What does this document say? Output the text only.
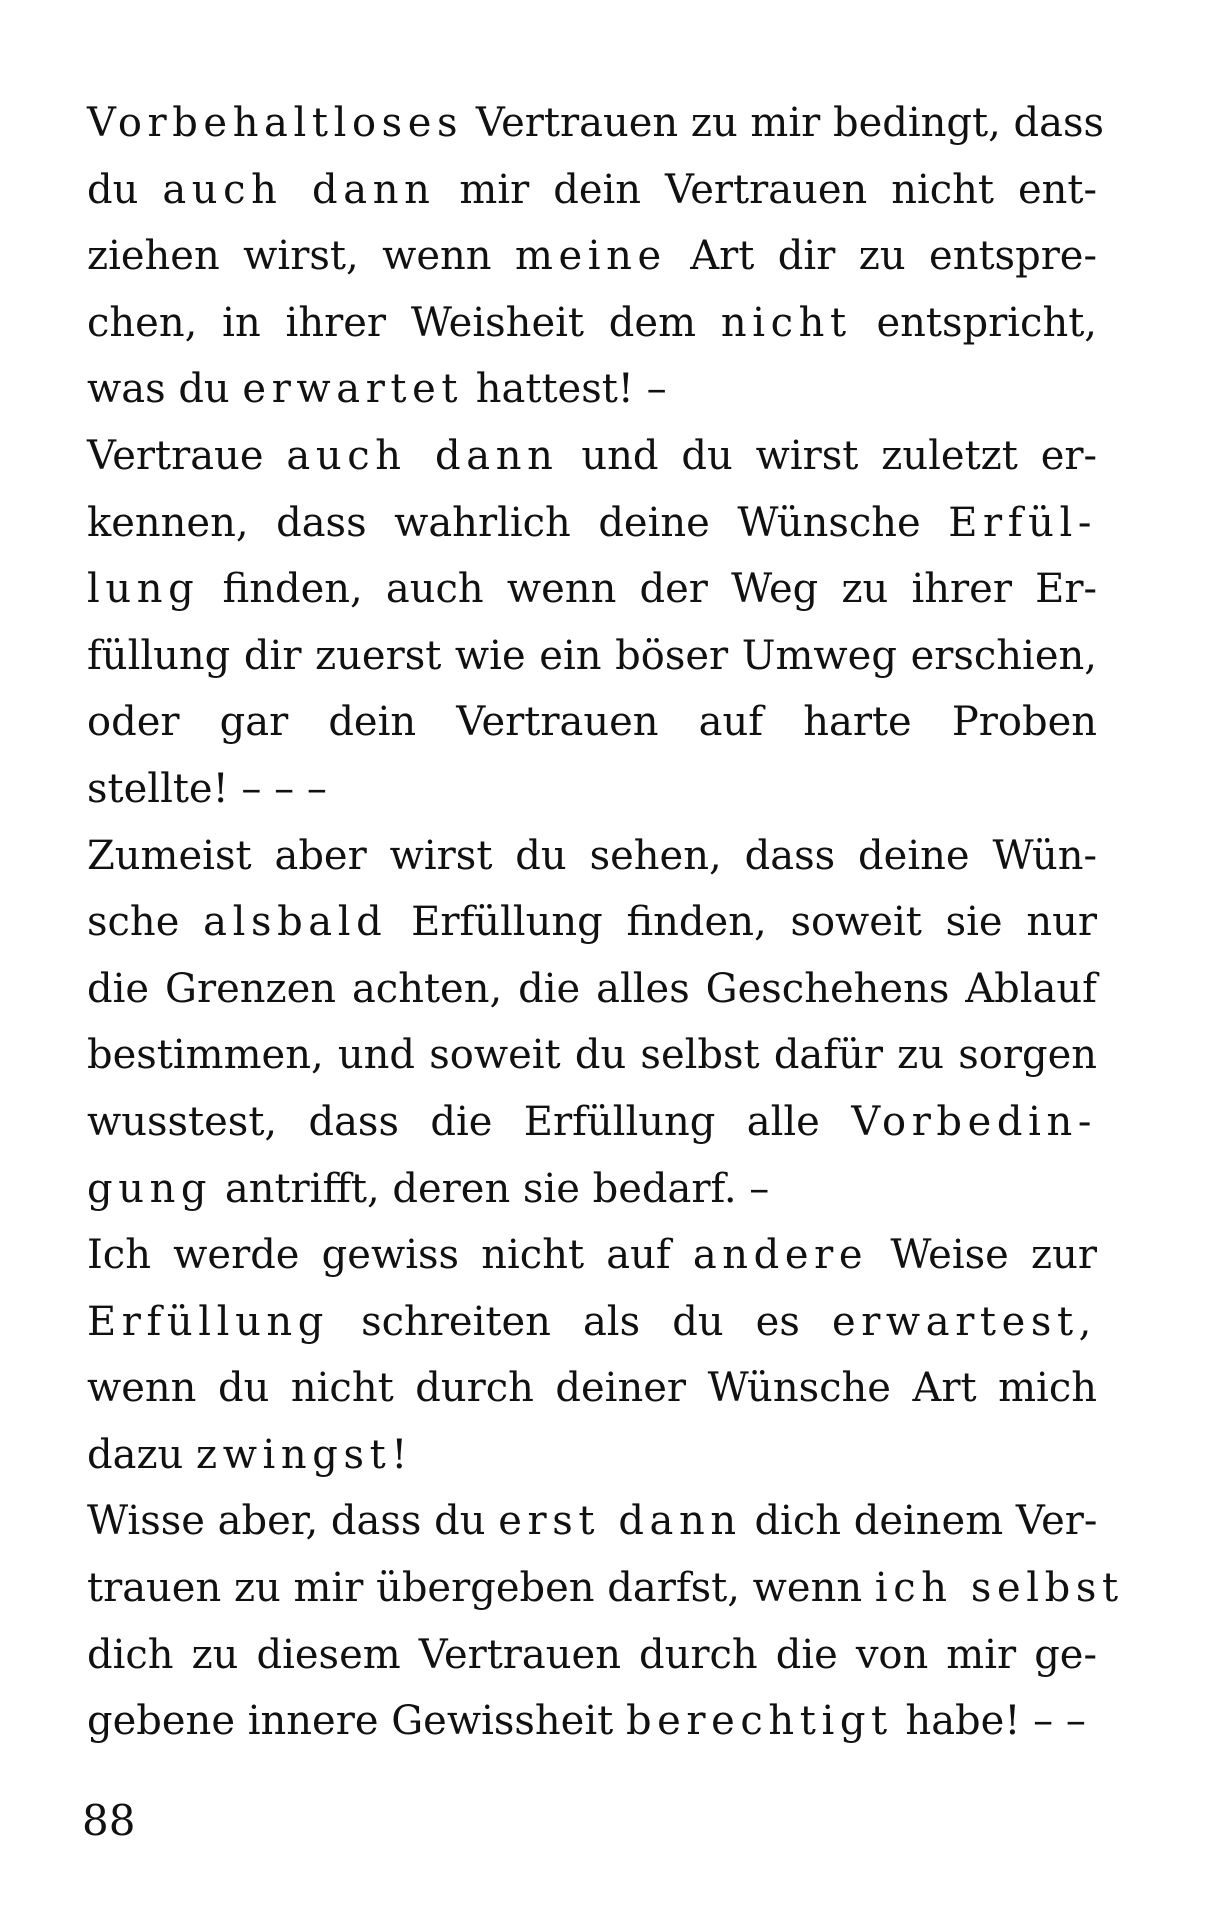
Vorbehaltloses Vertrauen zu mir bedingt, dass
du auch dann mir dein Vertrauen nicht ent-
ziehen wirst, wenn meine Art dir zu entspre-
chen, in ihrer Weisheit dem nicht entspricht,
was du erwartet hattest! –
Vertraue auch dann und du wirst zuletzt er-
kennen, dass wahrlich deine Wünsche Erfül-
lung finden, auch wenn der Weg zu ihrer Er-
füllung dir zuerst wie ein böser Umweg erschien,
oder gar dein Vertrauen auf harte Proben
stellte! – – –
Zumeist aber wirst du sehen, dass deine Wün-
sche alsbald Erfüllung finden, soweit sie nur
die Grenzen achten, die alles Geschehens Ablauf
bestimmen, und soweit du selbst dafür zu sorgen
wusstest, dass die Erfüllung alle Vorbedin-
gung antrifft, deren sie bedarf. –
Ich werde gewiss nicht auf andere Weise zur
Erfüllung schreiten als du es erwartest,
wenn du nicht durch deiner Wünsche Art mich
dazu zwingst!
Wisse aber, dass du erst dann dich deinem Ver-
trauen zu mir übergeben darfst, wenn ich selbst
dich zu diesem Vertrauen durch die von mir ge-
gebene innere Gewissheit berechtigt habe! – –
88
